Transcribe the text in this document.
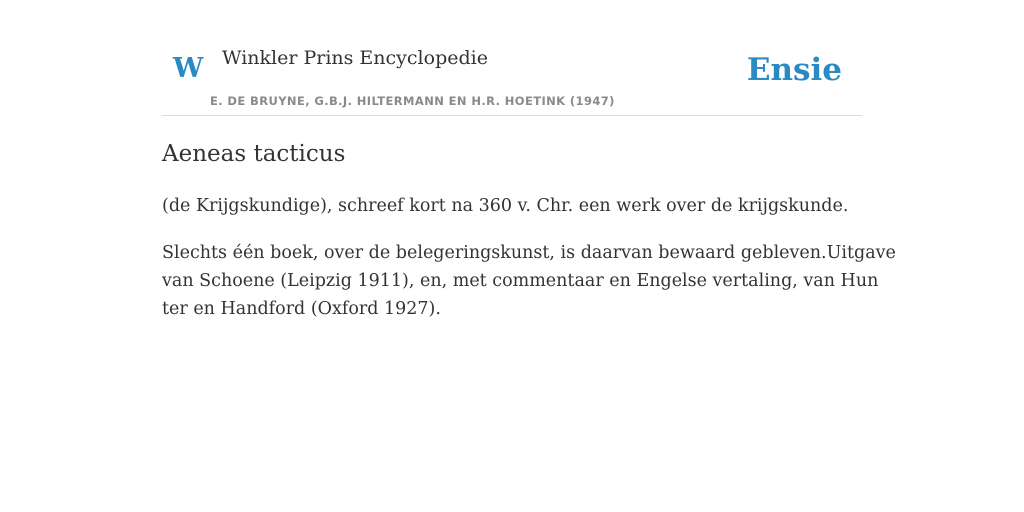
W Winkler Prins Encyclopedie
E. DE BRUYNE, G.B.J. HILTERMANN EN H.R. HOETINK (1947)
Ensie
Aeneas tacticus

(de Krijgskundige), schreef kort na 360 v. Chr. een werk over de krijgskunde.

Slechts één boek, over de belegeringskunst, is daarvan bewaard gebleven.Uitgave
van Schoene (Leipzig 1911), en, met commentaar en Engelse vertaling, van Hun
ter en Handford (Oxford 1927).
